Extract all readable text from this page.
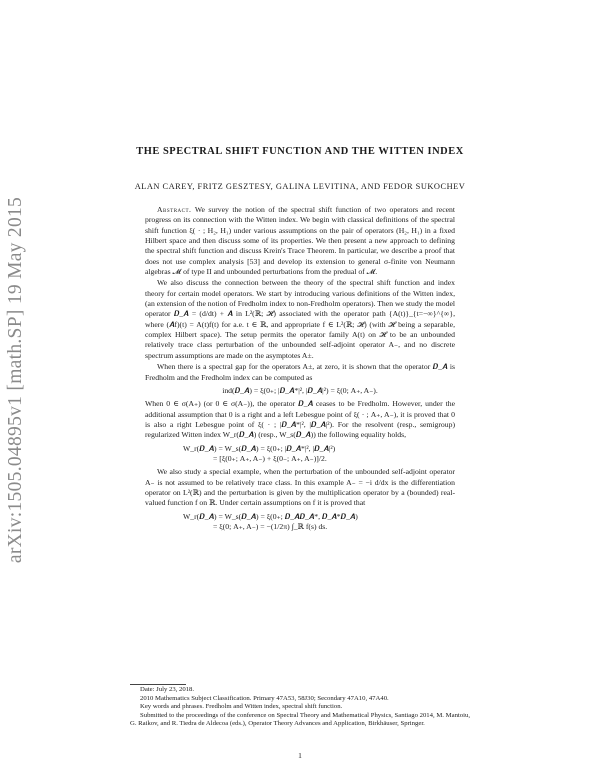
arXiv:1505.04895v1 [math.SP] 19 May 2015
THE SPECTRAL SHIFT FUNCTION AND THE WITTEN INDEX
ALAN CAREY, FRITZ GESZTESY, GALINA LEVITINA, AND FEDOR SUKOCHEV

Abstract. We survey the notion of the spectral shift function of two operators and recent progress on its connection with the Witten index. We begin with classical definitions of the spectral shift function ξ( · ; H₂, H₁) under various assumptions on the pair of operators (H₂, H₁) in a fixed Hilbert space and then discuss some of its properties. We then present a new approach to defining the spectral shift function and discuss Krein's Trace Theorem. In particular, we describe a proof that does not use complex analysis [53] and develop its extension to general σ-finite von Neumann algebras 𝓜 of type II and unbounded perturbations from the predual of 𝓜.

We also discuss the connection between the theory of the spectral shift function and index theory for certain model operators. We start by introducing various definitions of the Witten index, (an extension of the notion of Fredholm index to non-Fredholm operators). Then we study the model operator 𝑫_𝑨 = (d/dt) + 𝑨 in L²(ℝ; 𝓗) associated with the operator path {A(t)}_{t=−∞}^{∞}, where (𝑨f)(t) = A(t)f(t) for a.e. t ∈ ℝ, and appropriate f ∈ L²(ℝ; 𝓗) (with 𝓗 being a separable, complex Hilbert space). The setup permits the operator family A(t) on 𝓗 to be an unbounded relatively trace class perturbation of the unbounded self-adjoint operator A₋, and no discrete spectrum assumptions are made on the asymptotes A±.

When there is a spectral gap for the operators A±, at zero, it is shown that the operator 𝑫_𝑨 is Fredholm and the Fredholm index can be computed as

ind(𝑫_𝑨) = ξ(0₊; |𝑫_𝑨*|², |𝑫_𝑨|²) = ξ(0; A₊, A₋).

When 0 ∈ σ(A₊) (or 0 ∈ σ(A₋)), the operator 𝑫_𝑨 ceases to be Fredholm. However, under the additional assumption that 0 is a right and a left Lebesgue point of ξ( · ; A₊, A₋), it is proved that 0 is also a right Lebesgue point of ξ( · ; |𝑫_𝑨*|², |𝑫_𝑨|²). For the resolvent (resp., semigroup) regularized Witten index W_r(𝑫_𝑨) (resp., W_s(𝑫_𝑨)) the following equality holds,

W_r(𝑫_𝑨) = W_s(𝑫_𝑨) = ξ(0₊; |𝑫_𝑨*|², |𝑫_𝑨|²)
= [ξ(0₊; A₊, A₋) + ξ(0₋; A₊, A₋)]/2.

We also study a special example, when the perturbation of the unbounded self-adjoint operator A₋ is not assumed to be relatively trace class. In this example A₋ = −i d/dx is the differentiation operator on L²(ℝ) and the perturbation is given by the multiplication operator by a (bounded) real-valued function f on ℝ. Under certain assumptions on f it is proved that

W_r(𝑫_𝑨) = W_s(𝑫_𝑨) = ξ(0₊; 𝑫_𝑨𝑫_𝑨*, 𝑫_𝑨*𝑫_𝑨)
= ξ(0; A₊, A₋) = −(1/2π) ∫_ℝ f(s) ds.
Date: July 23, 2018.
2010 Mathematics Subject Classification. Primary 47A53, 58J30; Secondary 47A10, 47A40.
Key words and phrases. Fredholm and Witten index, spectral shift function.
Submitted to the proceedings of the conference on Spectral Theory and Mathematical Physics, Santiago 2014, M. Mantoiu, G. Raikov, and R. Tiedra de Aldecoa (eds.), Operator Theory Advances and Application, Birkhäuser, Springer.
1
